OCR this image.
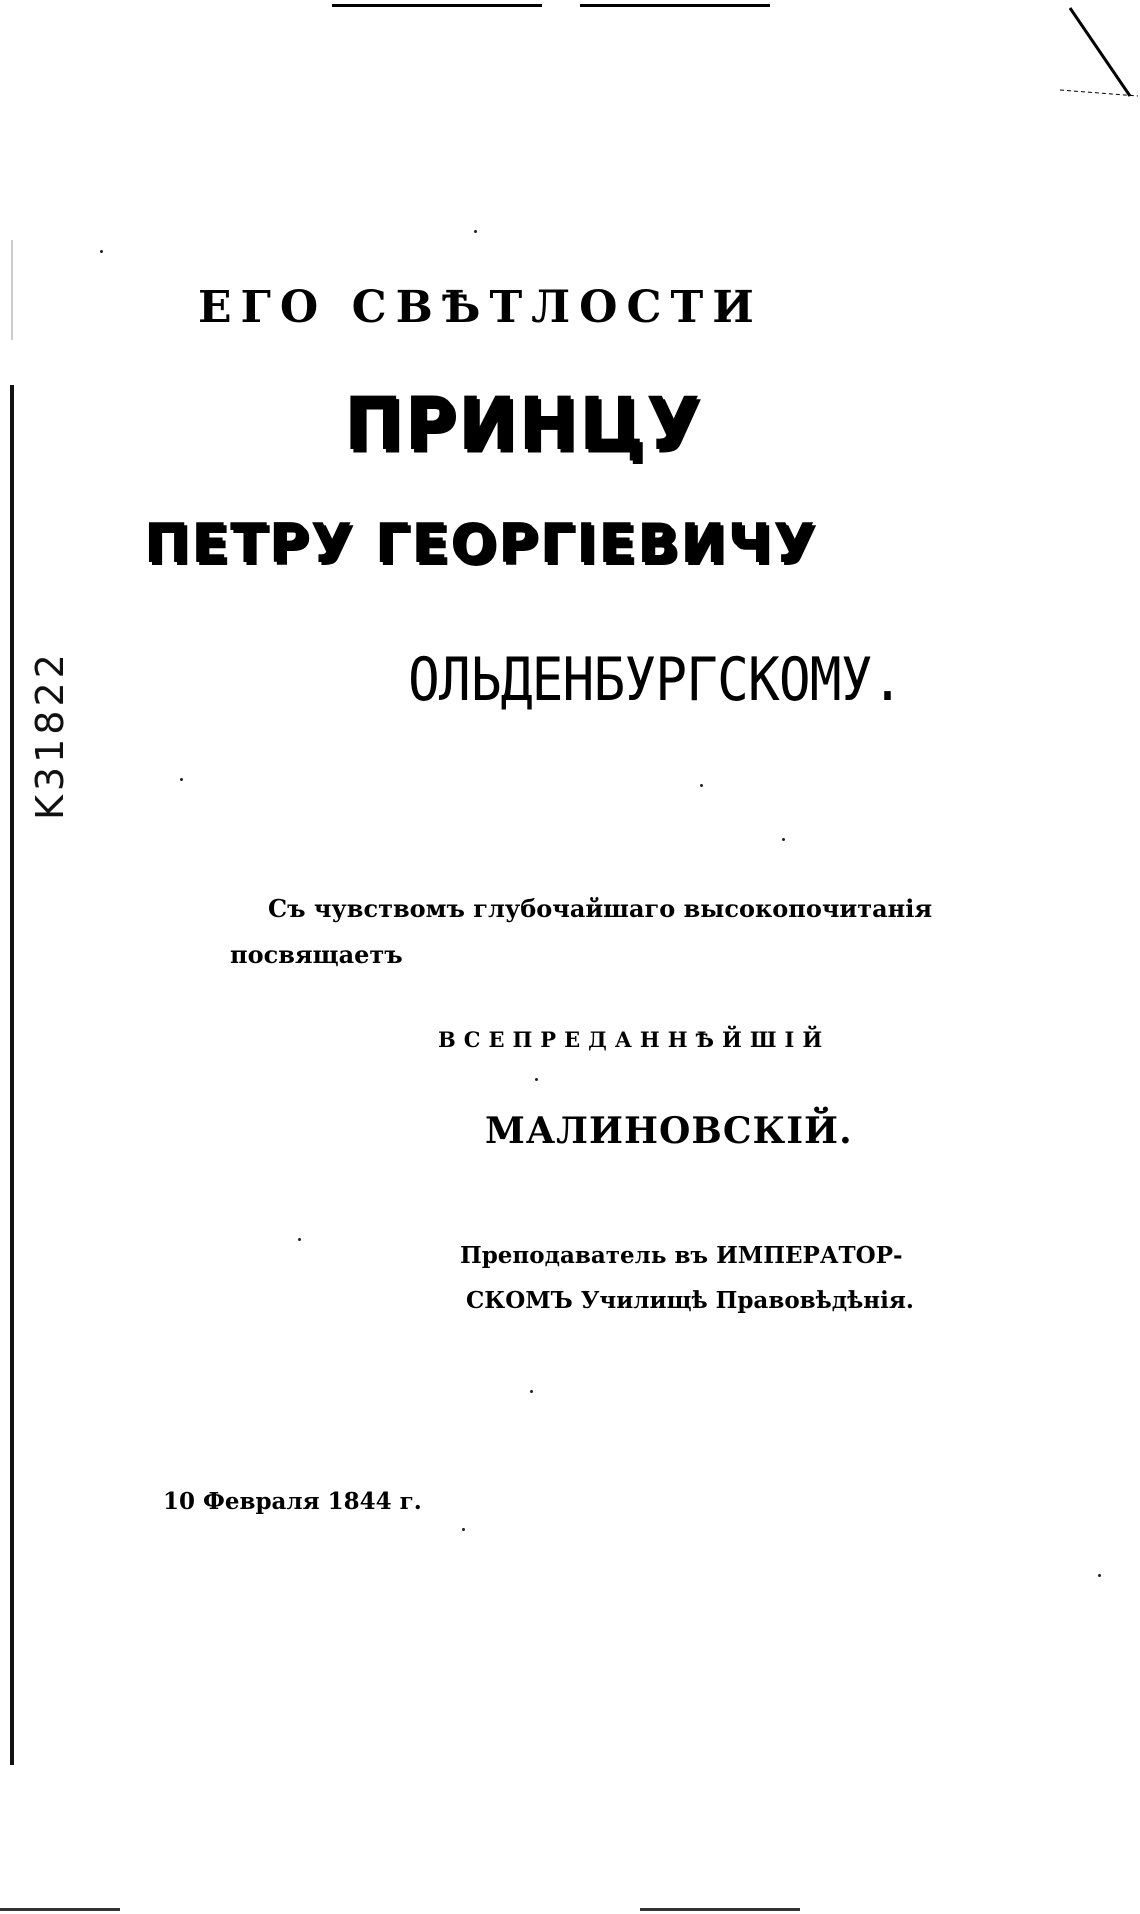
K31822
ЕГО СВѢТЛОСТИ
ПРИНЦУ
ПЕТРУ ГЕОРГІЕВИЧУ
ОЛЬДЕНБУРГСКОМУ.
Съ чувствомъ глубочайшаго высокопочитанія
посвящаетъ
ВСЕПРЕДАННѢЙШІЙ
МАЛИНОВСКІЙ.
Преподаватель въ ИМПЕРАТОР-
СКОМЪ Училищѣ Правовѣдѣнія.
10 Февраля 1844 г.
